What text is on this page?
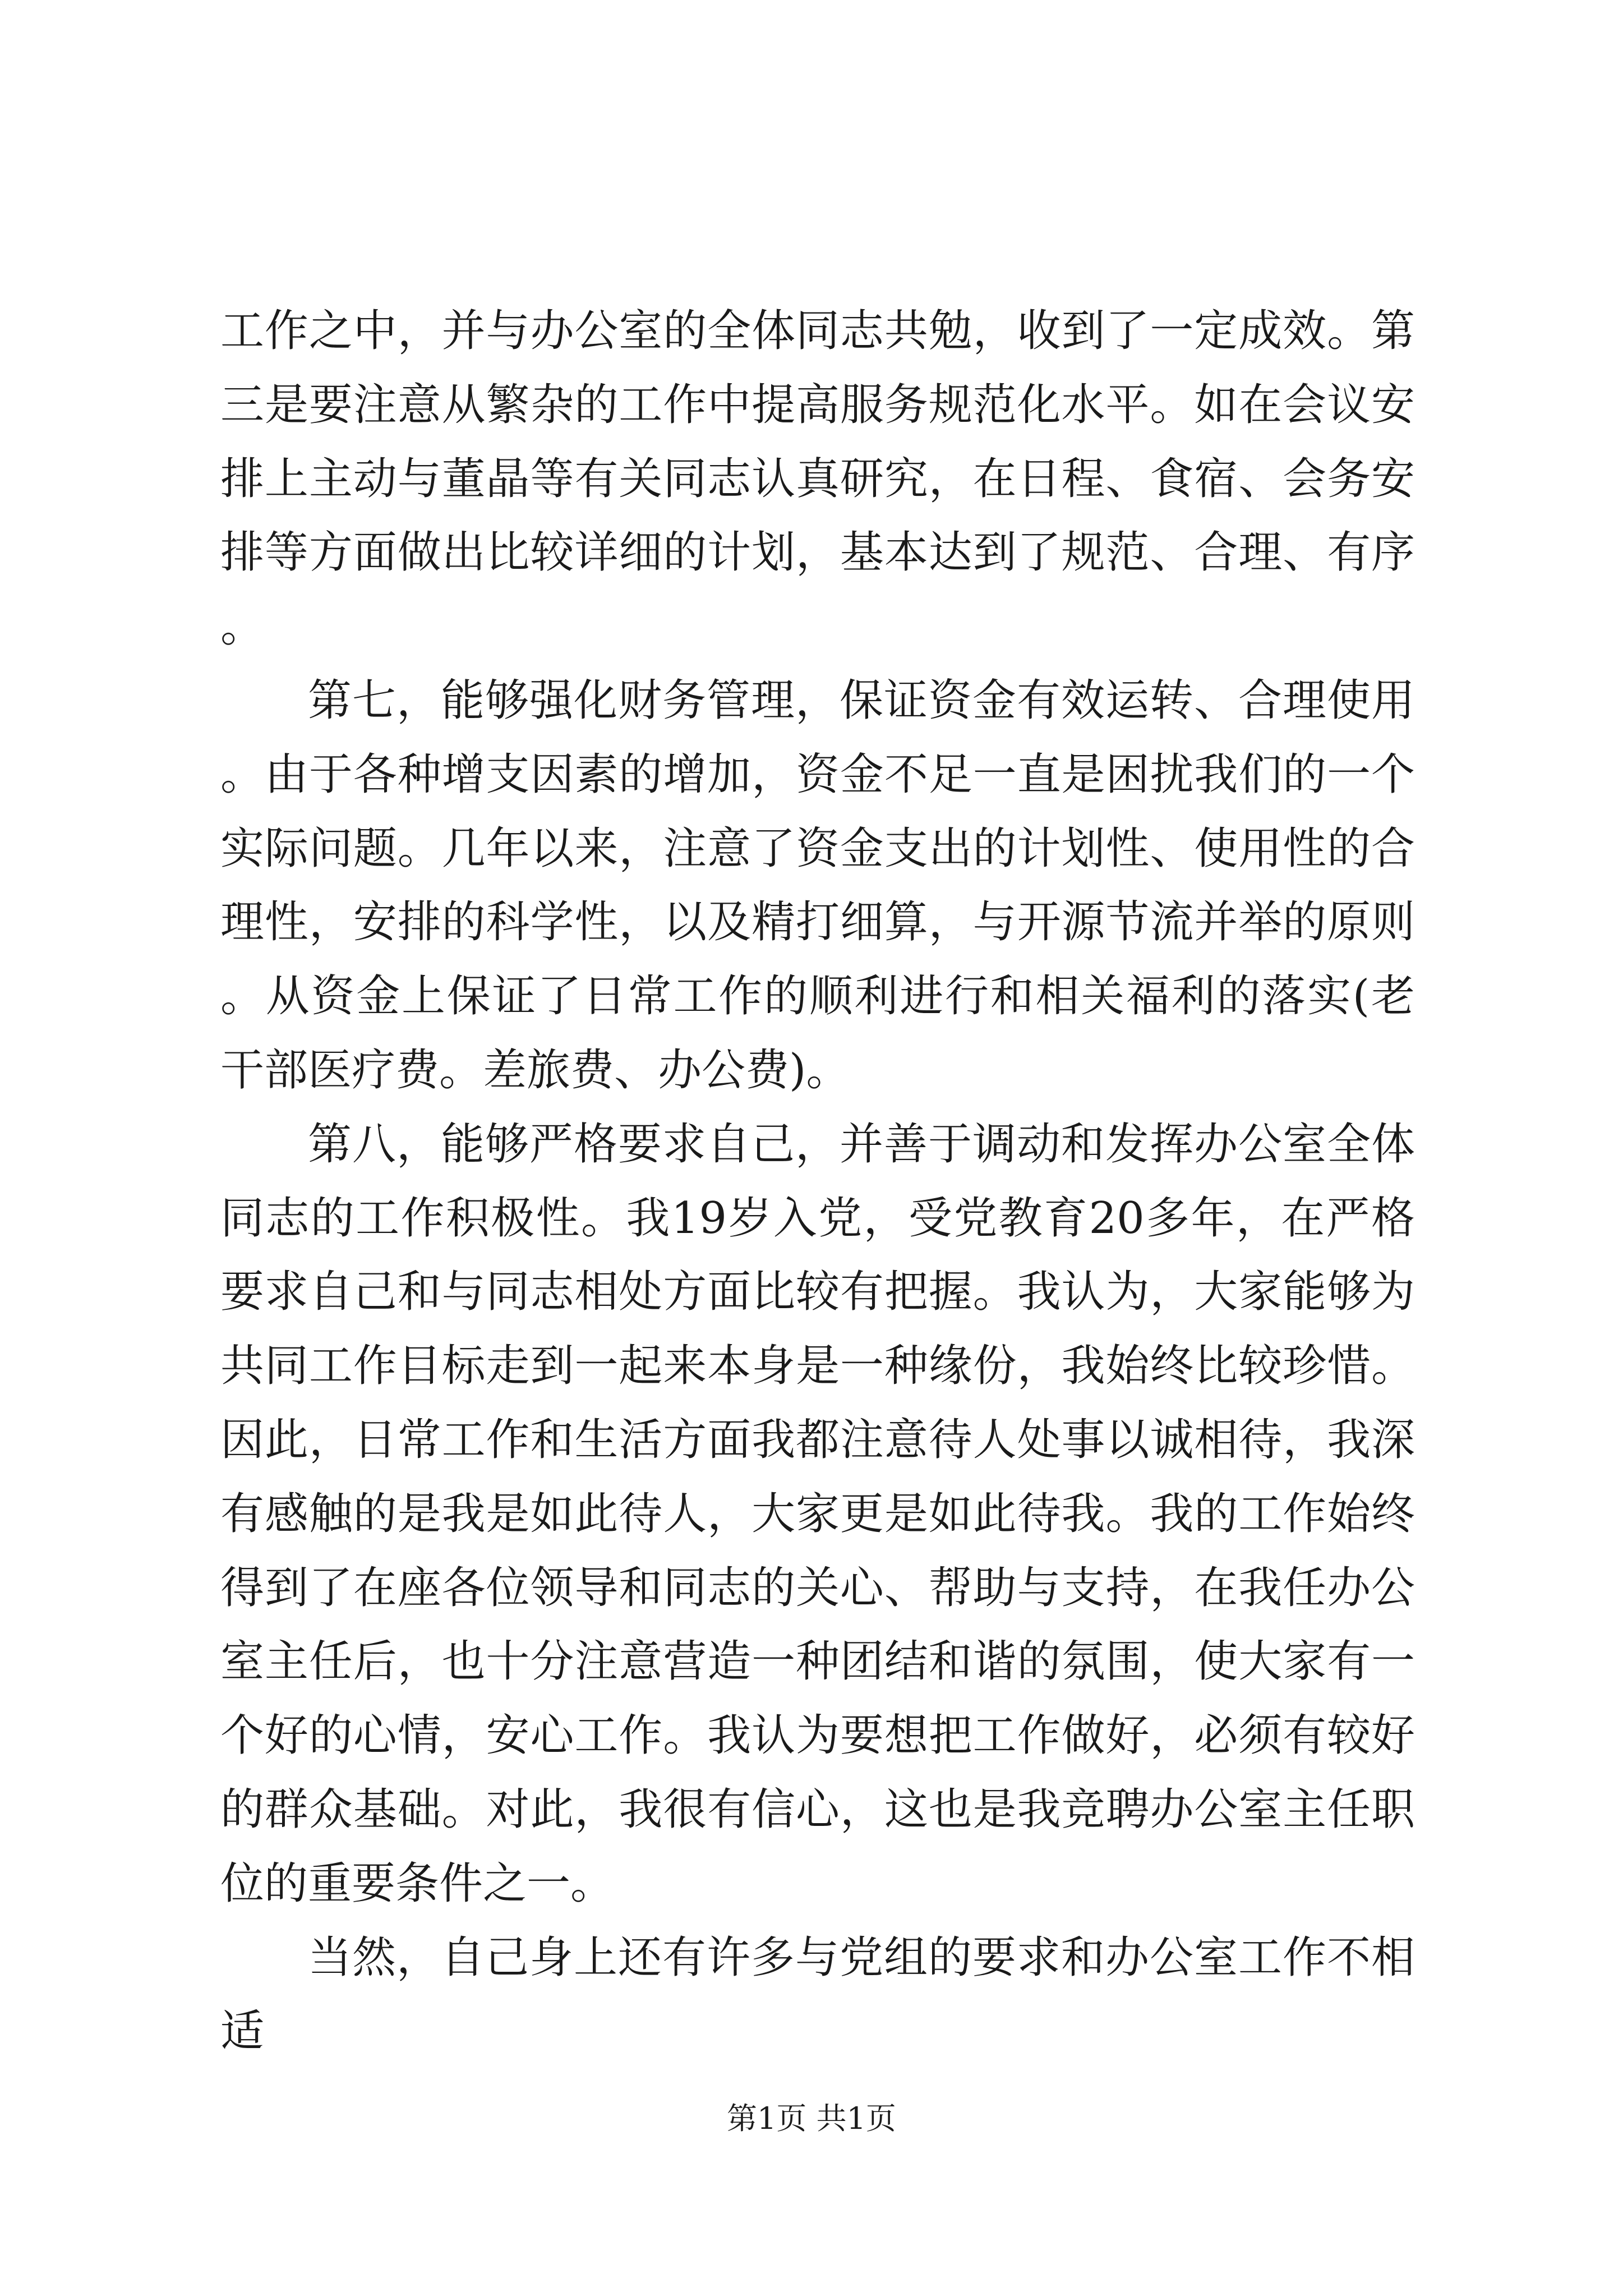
工作之中，并与办公室的全体同志共勉，收到了一定成效。第三是要注意从繁杂的工作中提高服务规范化水平。如在会议安排上主动与董晶等有关同志认真研究，在日程、食宿、会务安排等方面做出比较详细的计划，基本达到了规范、合理、有序。

第七，能够强化财务管理，保证资金有效运转、合理使用。由于各种增支因素的增加，资金不足一直是困扰我们的一个实际问题。几年以来，注意了资金支出的计划性、使用性的合理性，安排的科学性，以及精打细算，与开源节流并举的原则。从资金上保证了日常工作的顺利进行和相关福利的落实(老干部医疗费。差旅费、办公费)。

第八，能够严格要求自己，并善于调动和发挥办公室全体同志的工作积极性。我19岁入党，受党教育20多年，在严格要求自己和与同志相处方面比较有把握。我认为，大家能够为共同工作目标走到一起来本身是一种缘份，我始终比较珍惜。因此，日常工作和生活方面我都注意待人处事以诚相待，我深有感触的是我是如此待人，大家更是如此待我。我的工作始终得到了在座各位领导和同志的关心、帮助与支持，在我任办公室主任后，也十分注意营造一种团结和谐的氛围，使大家有一个好的心情，安心工作。我认为要想把工作做好，必须有较好的群众基础。对此，我很有信心，这也是我竞聘办公室主任职位的重要条件之一。

当然，自己身上还有许多与党组的要求和办公室工作不相适

第1页 共1页
